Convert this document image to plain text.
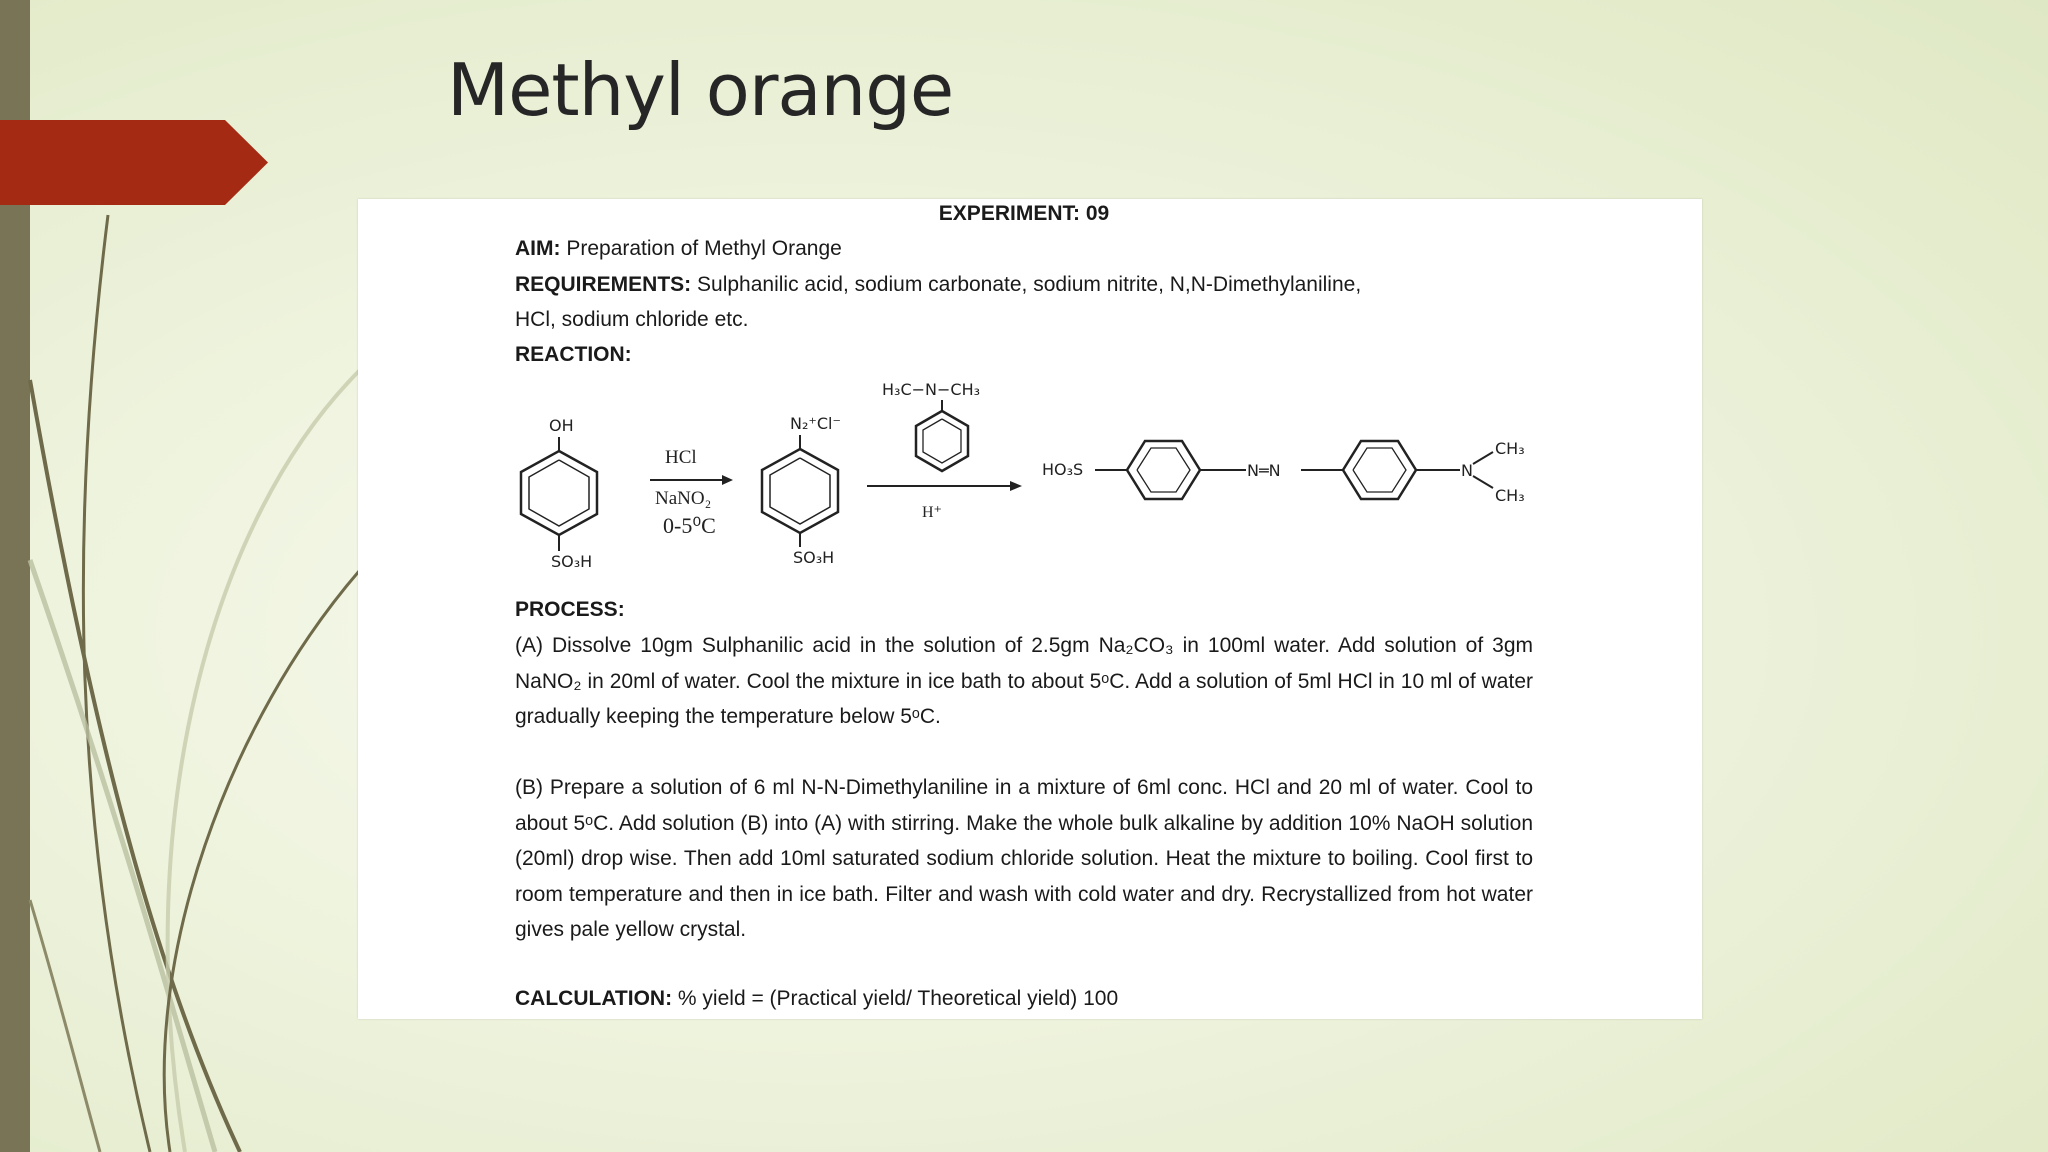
Methyl orange
EXPERIMENT: 09
AIM: Preparation of Methyl Orange
REQUIREMENTS: Sulphanilic acid, sodium carbonate, sodium nitrite, N,N-Dimethylaniline,
HCl, sodium chloride etc.
REACTION:
OH
SO₃H
HCl
NaNO₂
0-5⁰C
N₂⁺Cl⁻
SO₃H
H₃C−N−CH₃
H⁺
HO₃S	N═N	N
CH₃
CH₃
PROCESS:
(A) Dissolve 10gm Sulphanilic acid in the solution of 2.5gm Na₂CO₃ in 100ml water. Add solution of 3gm NaNO₂ in 20ml of water. Cool the mixture in ice bath to about 5ᵒC. Add a solution of 5ml HCl in 10 ml of water gradually keeping the temperature below 5ᵒC.
(B) Prepare a solution of 6 ml N-N-Dimethylaniline in a mixture of 6ml conc. HCl and 20 ml of water. Cool to about 5ᵒC. Add solution (B) into (A) with stirring. Make the whole bulk alkaline by addition 10% NaOH solution (20ml) drop wise. Then add 10ml saturated sodium chloride solution. Heat the mixture to boiling. Cool first to room temperature and then in ice bath. Filter and wash with cold water and dry. Recrystallized from hot water gives pale yellow crystal.
CALCULATION: % yield = (Practical yield/ Theoretical yield) 100
